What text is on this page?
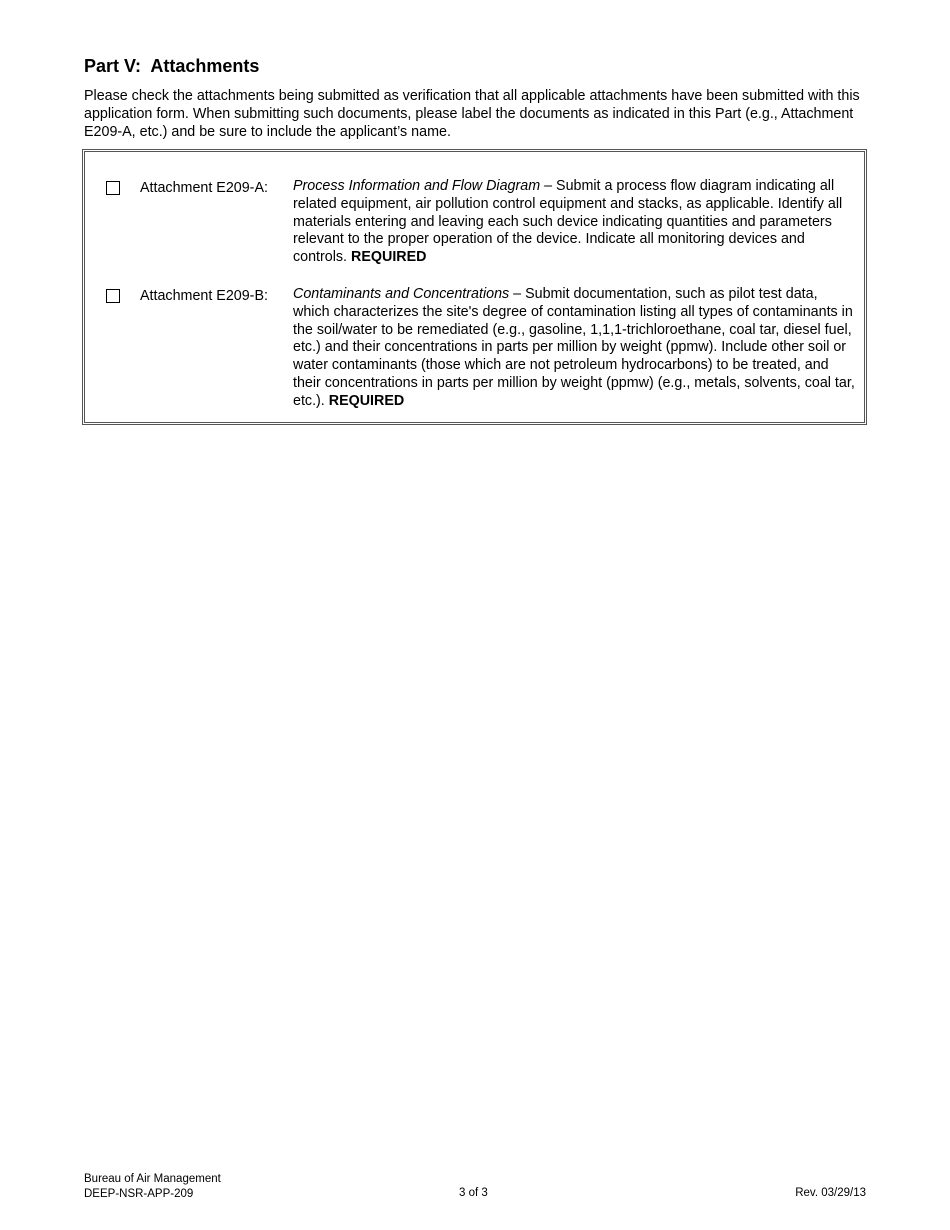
Part V:  Attachments

Please check the attachments being submitted as verification that all applicable attachments have been submitted with this application form. When submitting such documents, please label the documents as indicated in this Part (e.g., Attachment E209-A, etc.) and be sure to include the applicant’s name.

Attachment E209-A: Process Information and Flow Diagram – Submit a process flow diagram indicating all related equipment, air pollution control equipment and stacks, as applicable. Identify all materials entering and leaving each such device indicating quantities and parameters relevant to the proper operation of the device. Indicate all monitoring devices and controls. REQUIRED
Attachment E209-B: Contaminants and Concentrations – Submit documentation, such as pilot test data, which characterizes the site's degree of contamination listing all types of contaminants in the soil/water to be remediated (e.g., gasoline, 1,1,1-trichloroethane, coal tar, diesel fuel, etc.) and their concentrations in parts per million by weight (ppmw). Include other soil or water contaminants (those which are not petroleum hydrocarbons) to be treated, and their concentrations in parts per million by weight (ppmw) (e.g., metals, solvents, coal tar, etc.). REQUIRED
Bureau of Air Management
DEEP-NSR-APP-209	3 of 3	Rev. 03/29/13
